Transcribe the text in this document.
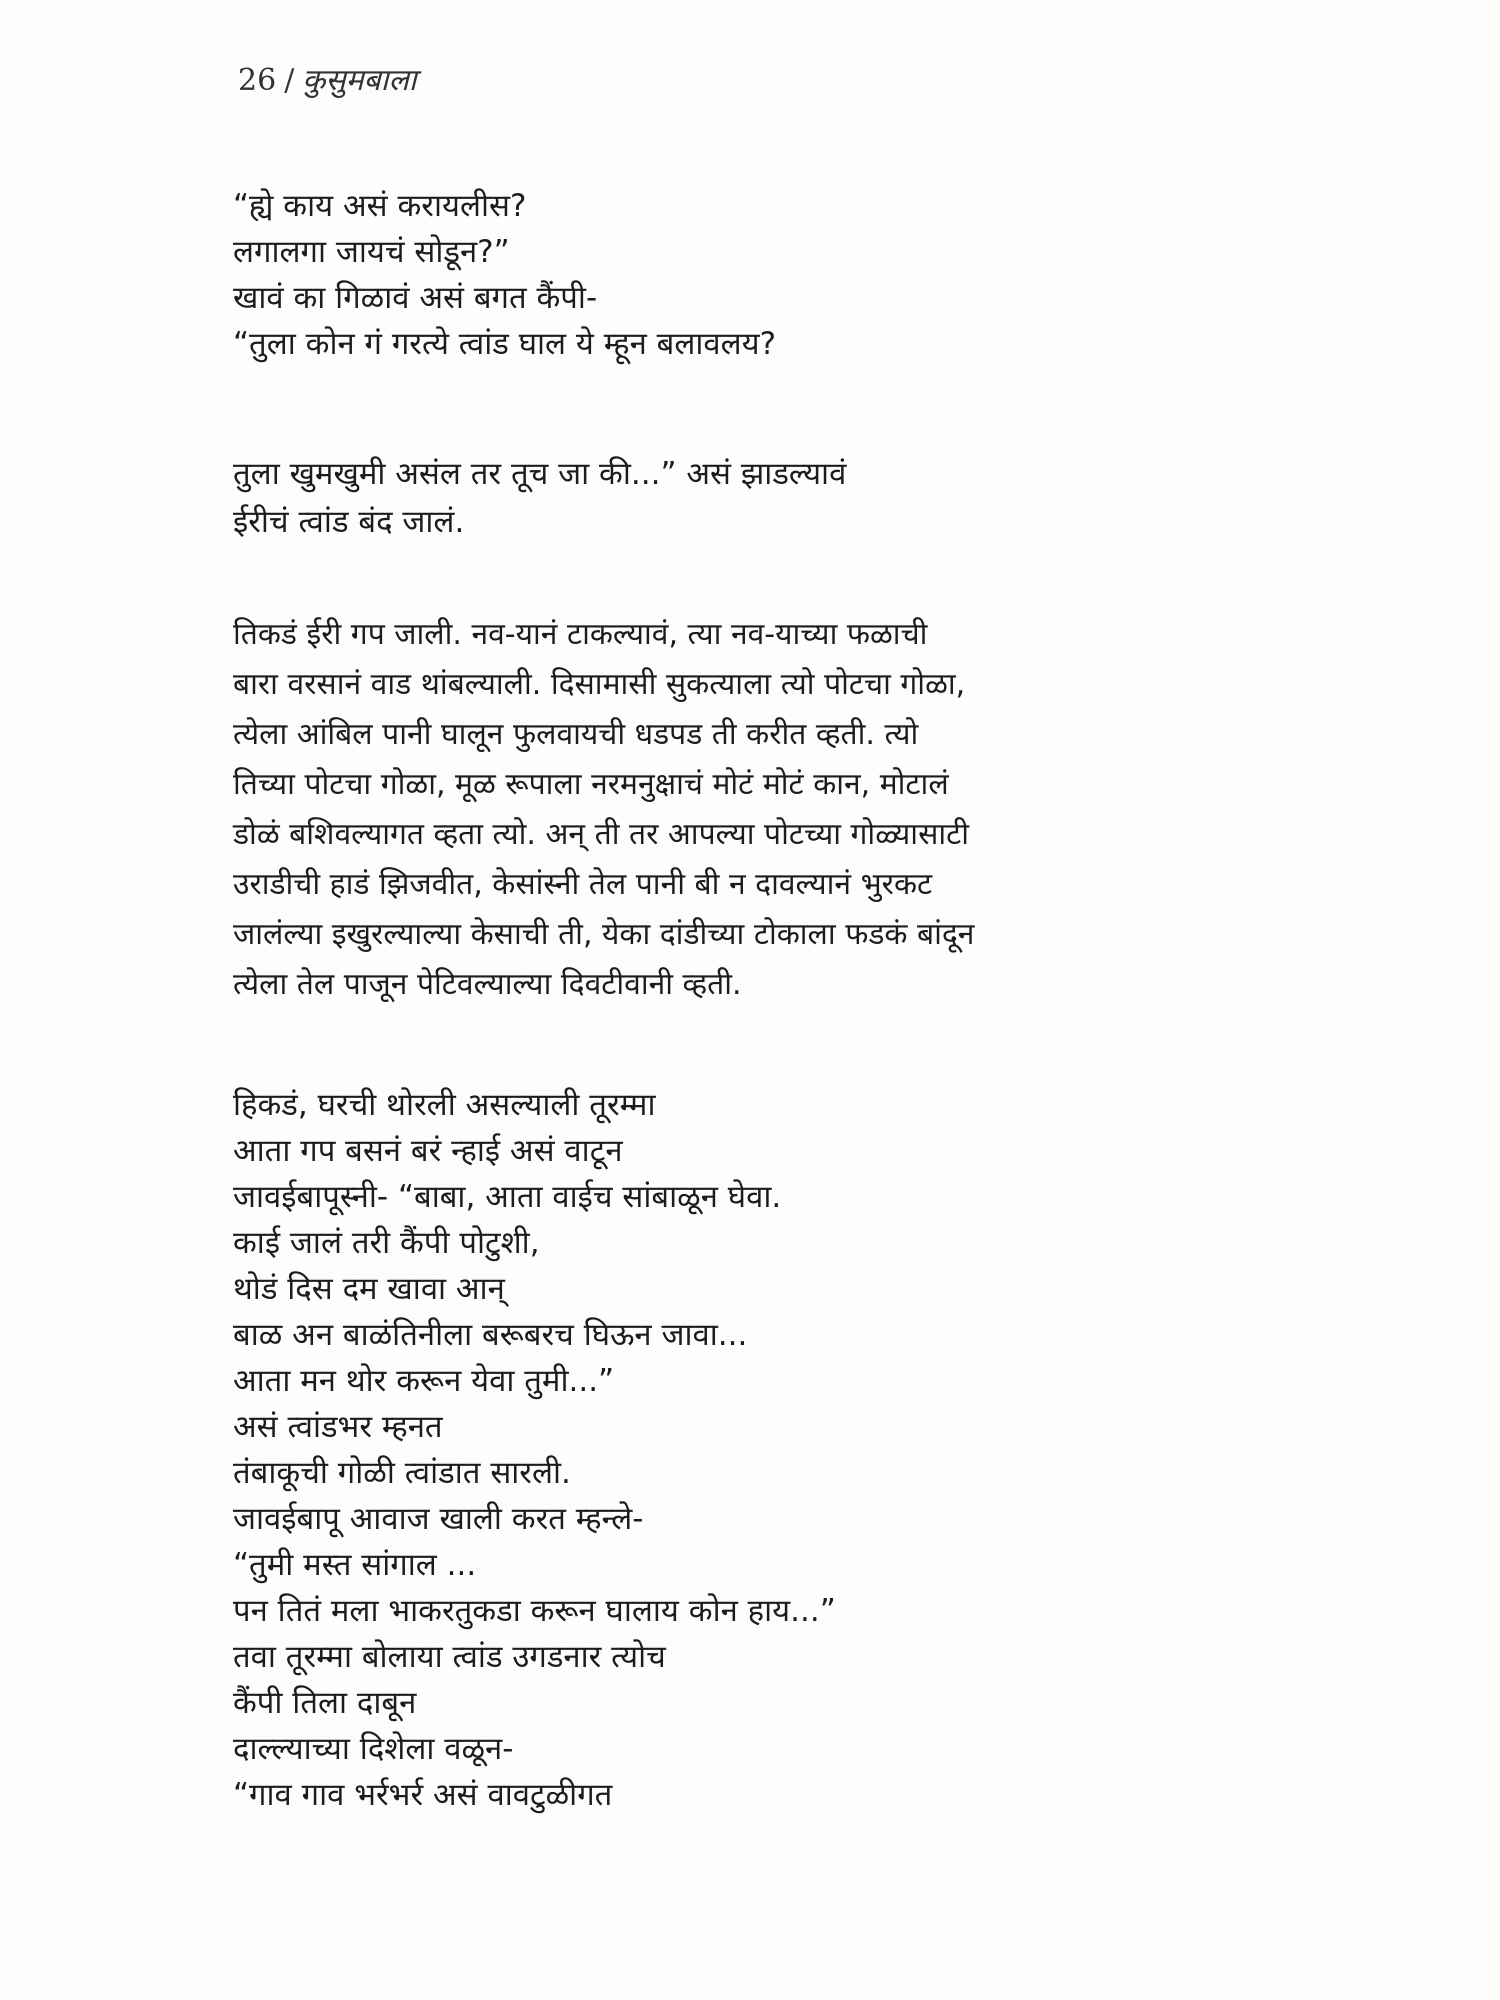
26 / कुसुमबाला
“ह्ये काय असं करायलीस?
लगालगा जायचं सोडून?”
खावं का गिळावं असं बगत कैंपी-
“तुला कोन गं गरत्ये त्वांड घाल ये म्हून बलावलय?
तुला खुमखुमी असंल तर तूच जा की...” असं झाडल्यावं
ईरीचं त्वांड बंद जालं.
तिकडं ईरी गप जाली. नव-यानं टाकल्यावं, त्या नव-याच्या फळाची
बारा वरसानं वाड थांबल्याली. दिसामासी सुकत्याला त्यो पोटचा गोळा,
त्येला आंबिल पानी घालून फुलवायची धडपड ती करीत व्हती. त्यो
तिच्या पोटचा गोळा, मूळ रूपाला नरमनुक्षाचं मोटं मोटं कान, मोटालं
डोळं बशिवल्यागत व्हता त्यो. अन् ती तर आपल्या पोटच्या गोळ्यासाटी
उराडीची हाडं झिजवीत, केसांस्नी तेल पानी बी न दावल्यानं भुरकट
जालंल्या इखुरल्याल्या केसाची ती, येका दांडीच्या टोकाला फडकं बांदून
त्येला तेल पाजून पेटिवल्याल्या दिवटीवानी व्हती.
हिकडं, घरची थोरली असल्याली तूरम्मा
आता गप बसनं बरं न्हाई असं वाटून
जावईबापूस्नी- “बाबा, आता वाईच सांबाळून घेवा.
काई जालं तरी कैंपी पोटुशी,
थोडं दिस दम खावा आन्
बाळ अन बाळंतिनीला बरूबरच घिऊन जावा...
आता मन थोर करून येवा तुमी...”
असं त्वांडभर म्हनत
तंबाकूची गोळी त्वांडात सारली.
जावईबापू आवाज खाली करत म्हन्ले-
“तुमी मस्त सांगाल ...
पन तितं मला भाकरतुकडा करून घालाय कोन हाय...”
तवा तूरम्मा बोलाया त्वांड उगडनार त्योच
कैंपी तिला दाबून
दाल्ल्याच्या दिशेला वळून-
“गाव गाव भर्रभर्र असं वावटुळीगत
